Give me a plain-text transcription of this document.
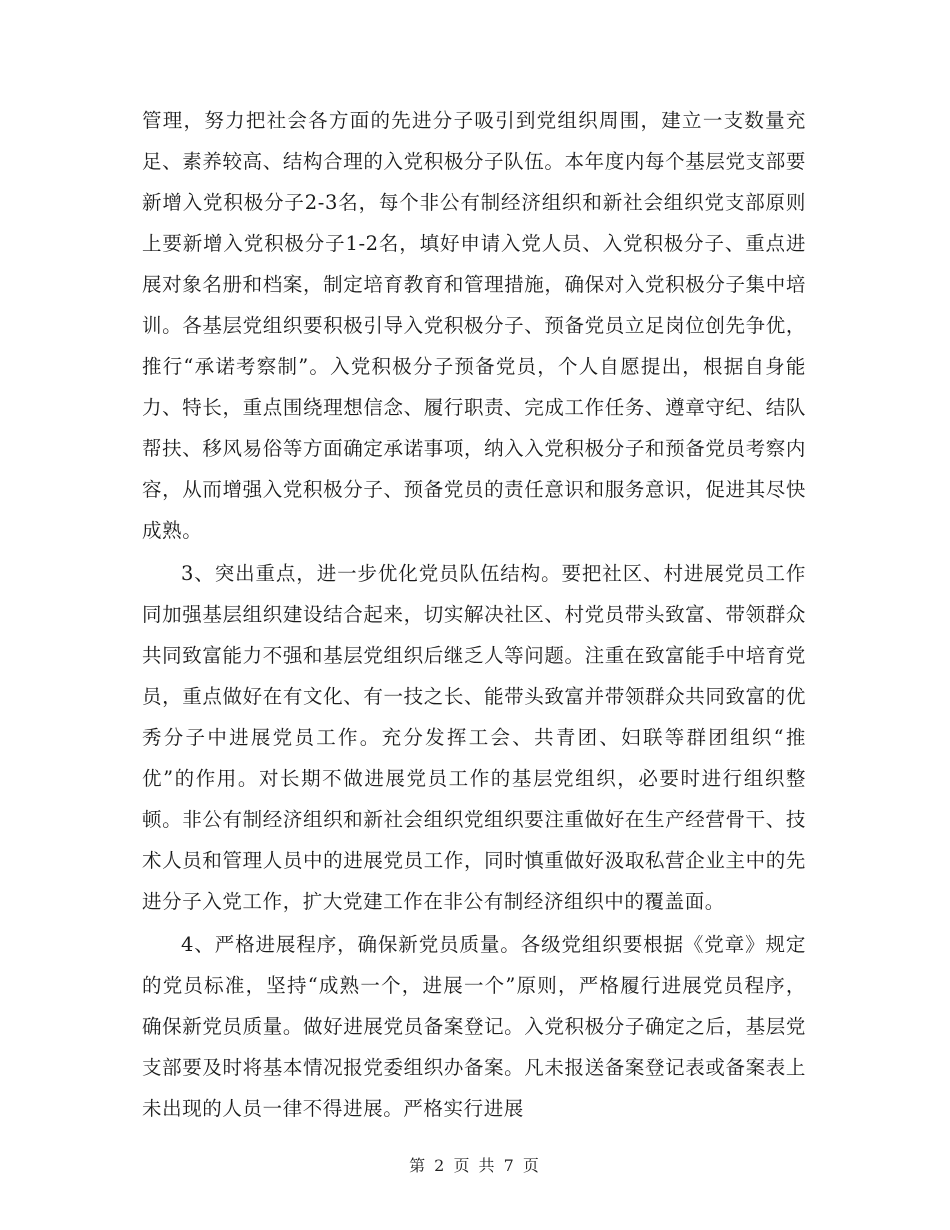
管理，努力把社会各方面的先进分子吸引到党组织周围，建立一支数量充足、素养较高、结构合理的入党积极分子队伍。本年度内每个基层党支部要新增入党积极分子2-3名，每个非公有制经济组织和新社会组织党支部原则上要新增入党积极分子1-2名，填好申请入党人员、入党积极分子、重点进展对象名册和档案，制定培育教育和管理措施，确保对入党积极分子集中培训。各基层党组织要积极引导入党积极分子、预备党员立足岗位创先争优，推行“承诺考察制”。入党积极分子预备党员，个人自愿提出，根据自身能力、特长，重点围绕理想信念、履行职责、完成工作任务、遵章守纪、结队帮扶、移风易俗等方面确定承诺事项，纳入入党积极分子和预备党员考察内容，从而增强入党积极分子、预备党员的责任意识和服务意识，促进其尽快成熟。

3、突出重点，进一步优化党员队伍结构。要把社区、村进展党员工作同加强基层组织建设结合起来，切实解决社区、村党员带头致富、带领群众共同致富能力不强和基层党组织后继乏人等问题。注重在致富能手中培育党员，重点做好在有文化、有一技之长、能带头致富并带领群众共同致富的优秀分子中进展党员工作。充分发挥工会、共青团、妇联等群团组织“推优”的作用。对长期不做进展党员工作的基层党组织，必要时进行组织整顿。非公有制经济组织和新社会组织党组织要注重做好在生产经营骨干、技术人员和管理人员中的进展党员工作，同时慎重做好汲取私营企业主中的先进分子入党工作，扩大党建工作在非公有制经济组织中的覆盖面。

4、严格进展程序，确保新党员质量。各级党组织要根据《党章》规定的党员标准，坚持“成熟一个，进展一个”原则，严格履行进展党员程序，确保新党员质量。做好进展党员备案登记。入党积极分子确定之后，基层党支部要及时将基本情况报党委组织办备案。凡未报送备案登记表或备案表上未出现的人员一律不得进展。严格实行进展

第 2 页 共 7 页
